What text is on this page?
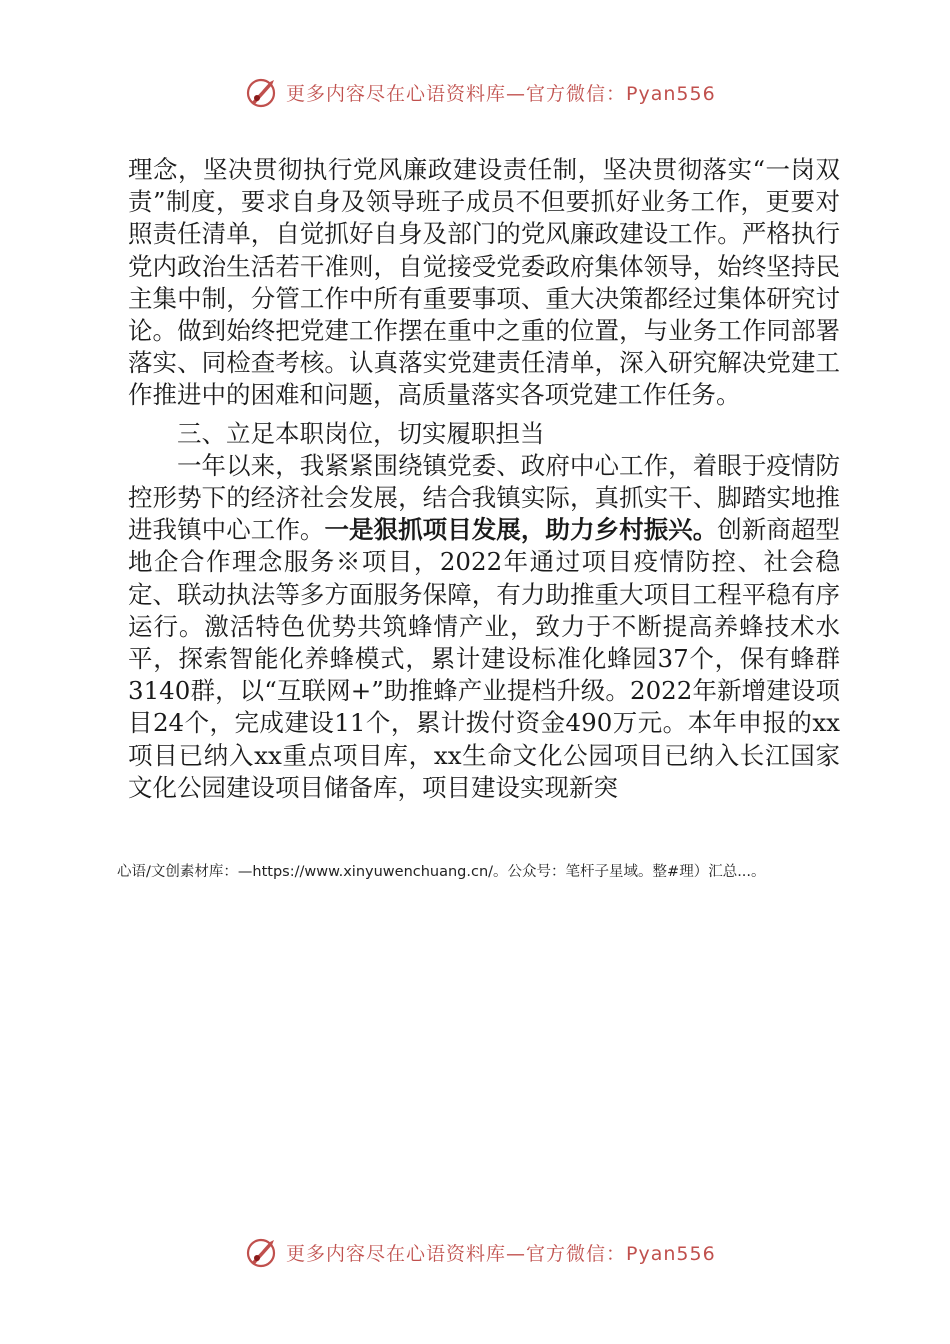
更多内容尽在心语资料库—官方微信：Pyan556

理念，坚决贯彻执行党风廉政建设责任制，坚决贯彻落实“一岗双责”制度，要求自身及领导班子成员不但要抓好业务工作，更要对照责任清单，自觉抓好自身及部门的党风廉政建设工作。严格执行党内政治生活若干准则，自觉接受党委政府集体领导，始终坚持民主集中制，分管工作中所有重要事项、重大决策都经过集体研究讨论。做到始终把党建工作摆在重中之重的位置，与业务工作同部署落实、同检查考核。认真落实党建责任清单，深入研究解决党建工作推进中的困难和问题，高质量落实各项党建工作任务。

三、立足本职岗位，切实履职担当

一年以来，我紧紧围绕镇党委、政府中心工作，着眼于疫情防控形势下的经济社会发展，结合我镇实际，真抓实干、脚踏实地推进我镇中心工作。一是狠抓项目发展，助力乡村振兴。创新商超型地企合作理念服务※项目，2022年通过项目疫情防控、社会稳定、联动执法等多方面服务保障，有力助推重大项目工程平稳有序运行。激活特色优势共筑蜂情产业，致力于不断提高养蜂技术水平，探索智能化养蜂模式，累计建设标准化蜂园37个，保有蜂群3140群，以“互联网+”助推蜂产业提档升级。2022年新增建设项目24个，完成建设11个，累计拨付资金490万元。本年申报的xx项目已纳入xx重点项目库，xx生命文化公园项目已纳入长江国家文化公园建设项目储备库，项目建设实现新突

心语/文创素材库：—https://www.xinyuwenchuang.cn/。公众号：笔杆子星域。整#理）汇总...。
更多内容尽在心语资料库—官方微信：Pyan556
